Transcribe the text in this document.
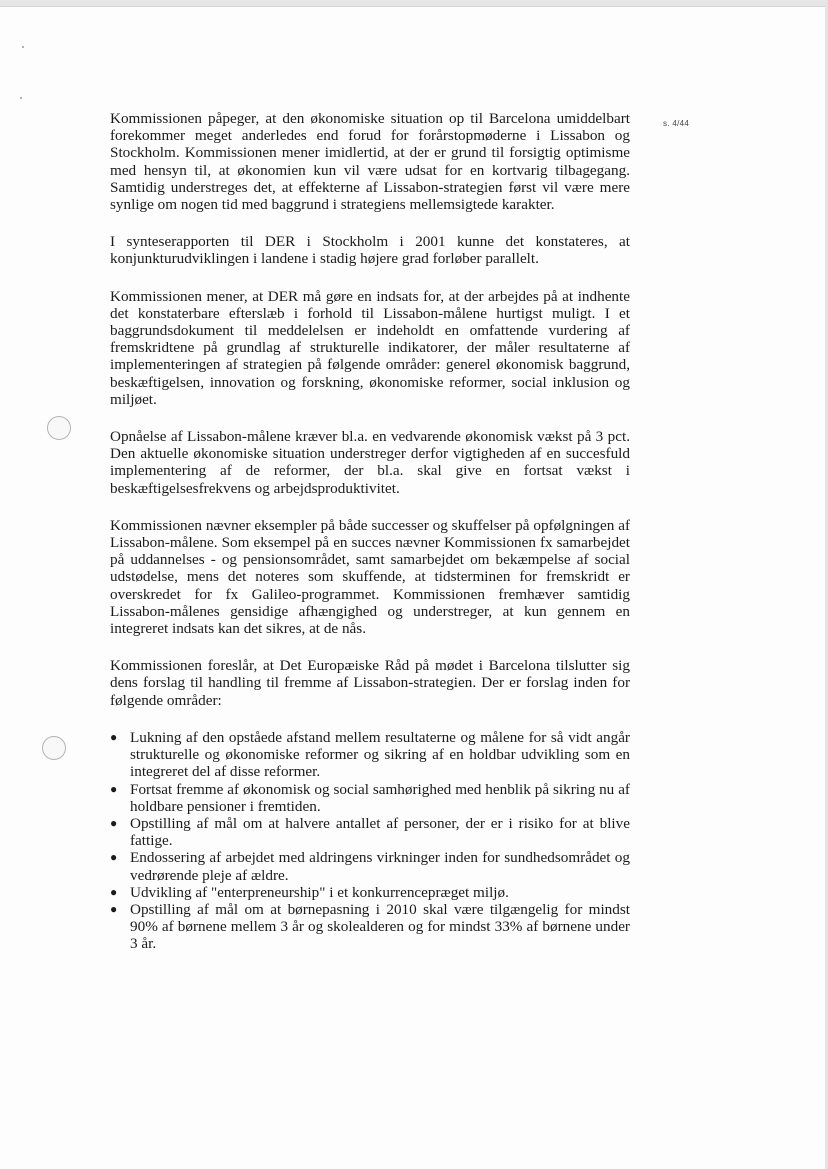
s. 4/44

Kommissionen påpeger, at den økonomiske situation op til Barcelona umiddelbart forekommer meget anderledes end forud for forårstopmøderne i Lissabon og Stockholm. Kommissionen mener imidlertid, at der er grund til forsigtig optimisme med hensyn til, at økonomien kun vil være udsat for en kortvarig tilbagegang. Samtidig understreges det, at effekterne af Lissabon-strategien først vil være mere synlige om nogen tid med baggrund i strategiens mellemsigtede karakter.

I synteserapporten til DER i Stockholm i 2001 kunne det konstateres, at konjunkturudviklingen i landene i stadig højere grad forløber parallelt.

Kommissionen mener, at DER må gøre en indsats for, at der arbejdes på at indhente det konstaterbare efterslæb i forhold til Lissabon-målene hurtigst muligt. I et baggrundsdokument til meddelelsen er indeholdt en omfattende vurdering af fremskridtene på grundlag af strukturelle indikatorer, der måler resultaterne af implementeringen af strategien på følgende områder: generel økonomisk baggrund, beskæftigelsen, innovation og forskning, økonomiske reformer, social inklusion og miljøet.

Opnåelse af Lissabon-målene kræver bl.a. en vedvarende økonomisk vækst på 3 pct. Den aktuelle økonomiske situation understreger derfor vigtigheden af en succesfuld implementering af de reformer, der bl.a. skal give en fortsat vækst i beskæftigelsesfrekvens og arbejdsproduktivitet.

Kommissionen nævner eksempler på både successer og skuffelser på opfølgningen af Lissabon-målene. Som eksempel på en succes nævner Kommissionen fx samarbejdet på uddannelses - og pensionsområdet, samt samarbejdet om bekæmpelse af social udstødelse, mens det noteres som skuffende, at tidsterminen for fremskridt er overskredet for fx Galileo-programmet. Kommissionen fremhæver samtidig Lissabon-målenes gensidige afhængighed og understreger, at kun gennem en integreret indsats kan det sikres, at de nås.

Kommissionen foreslår, at Det Europæiske Råd på mødet i Barcelona tilslutter sig dens forslag til handling til fremme af Lissabon-strategien. Der er forslag inden for følgende områder:

● Lukning af den opståede afstand mellem resultaterne og målene for så vidt angår strukturelle og økonomiske reformer og sikring af en holdbar udvikling som en integreret del af disse reformer.
● Fortsat fremme af økonomisk og social samhørighed med henblik på sikring nu af holdbare pensioner i fremtiden.
● Opstilling af mål om at halvere antallet af personer, der er i risiko for at blive fattige.
● Endossering af arbejdet med aldringens virkninger inden for sundhedsområdet og vedrørende pleje af ældre.
● Udvikling af "enterpreneurship" i et konkurrencepræget miljø.
● Opstilling af mål om at børnepasning i 2010 skal være tilgængelig for mindst 90% af børnene mellem 3 år og skolealderen og for mindst 33% af børnene under 3 år.
